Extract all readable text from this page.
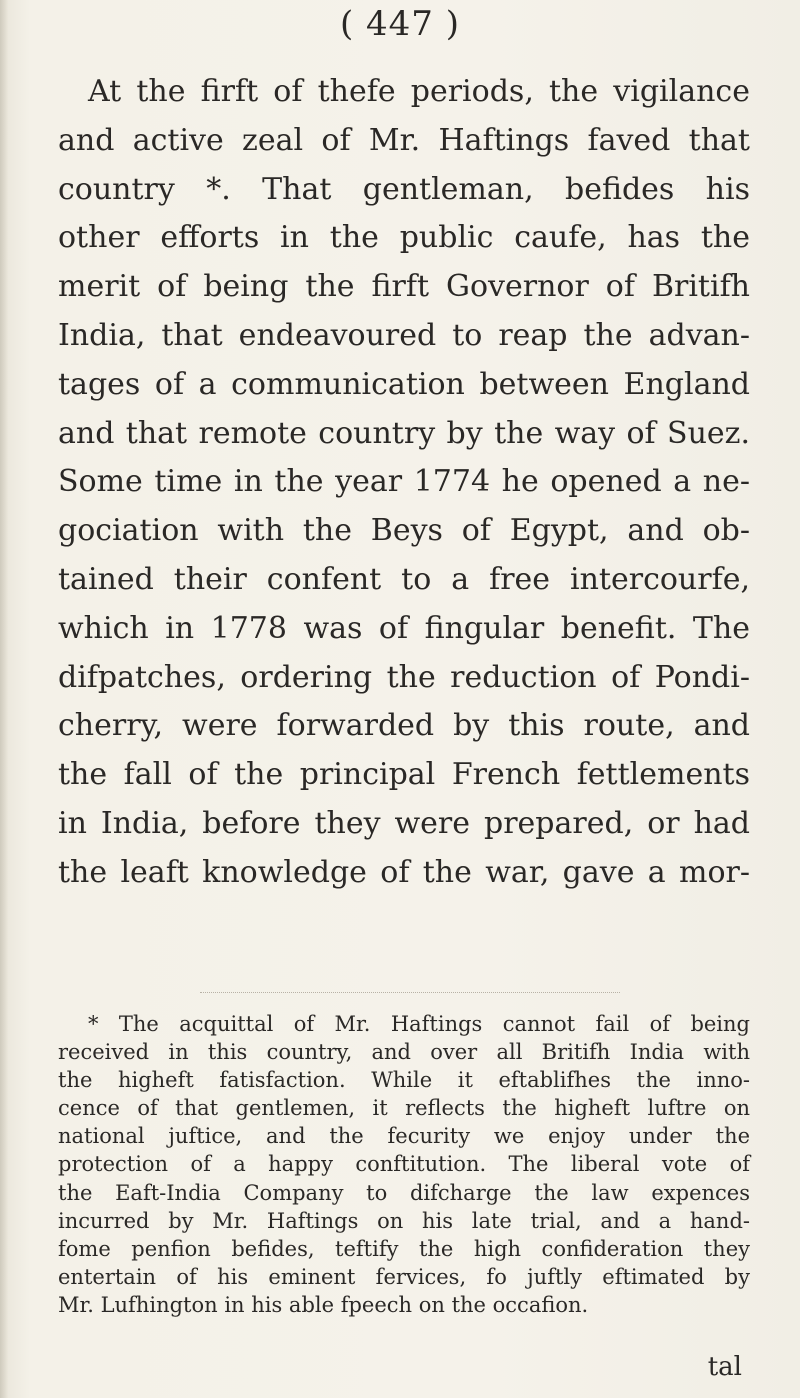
( 447 )
At the firft of thefe periods, the vigilance
and active zeal of Mr. Haftings faved that
country *. That gentleman, befides his
other efforts in the public caufe, has the
merit of being the firft Governor of Britifh
India, that endeavoured to reap the advan-
tages of a communication between England
and that remote country by the way of Suez.
Some time in the year 1774 he opened a ne-
gociation with the Beys of Egypt, and ob-
tained their confent to a free intercourfe,
which in 1778 was of fingular benefit. The
difpatches, ordering the reduction of Pondi-
cherry, were forwarded by this route, and
the fall of the principal French fettlements
in India, before they were prepared, or had
the leaft knowledge of the war, gave a mor-
* The acquittal of Mr. Haftings cannot fail of being
received in this country, and over all Britifh India with
the higheft fatisfaction. While it eftablifhes the inno-
cence of that gentlemen, it reflects the higheft luftre on
national juftice, and the fecurity we enjoy under the
protection of a happy conftitution. The liberal vote of
the Eaft-India Company to difcharge the law expences
incurred by Mr. Haftings on his late trial, and a hand-
fome penfion befides, teftify the high confideration they
entertain of his eminent fervices, fo juftly eftimated by
Mr. Lufhington in his able fpeech on the occafion.
tal
